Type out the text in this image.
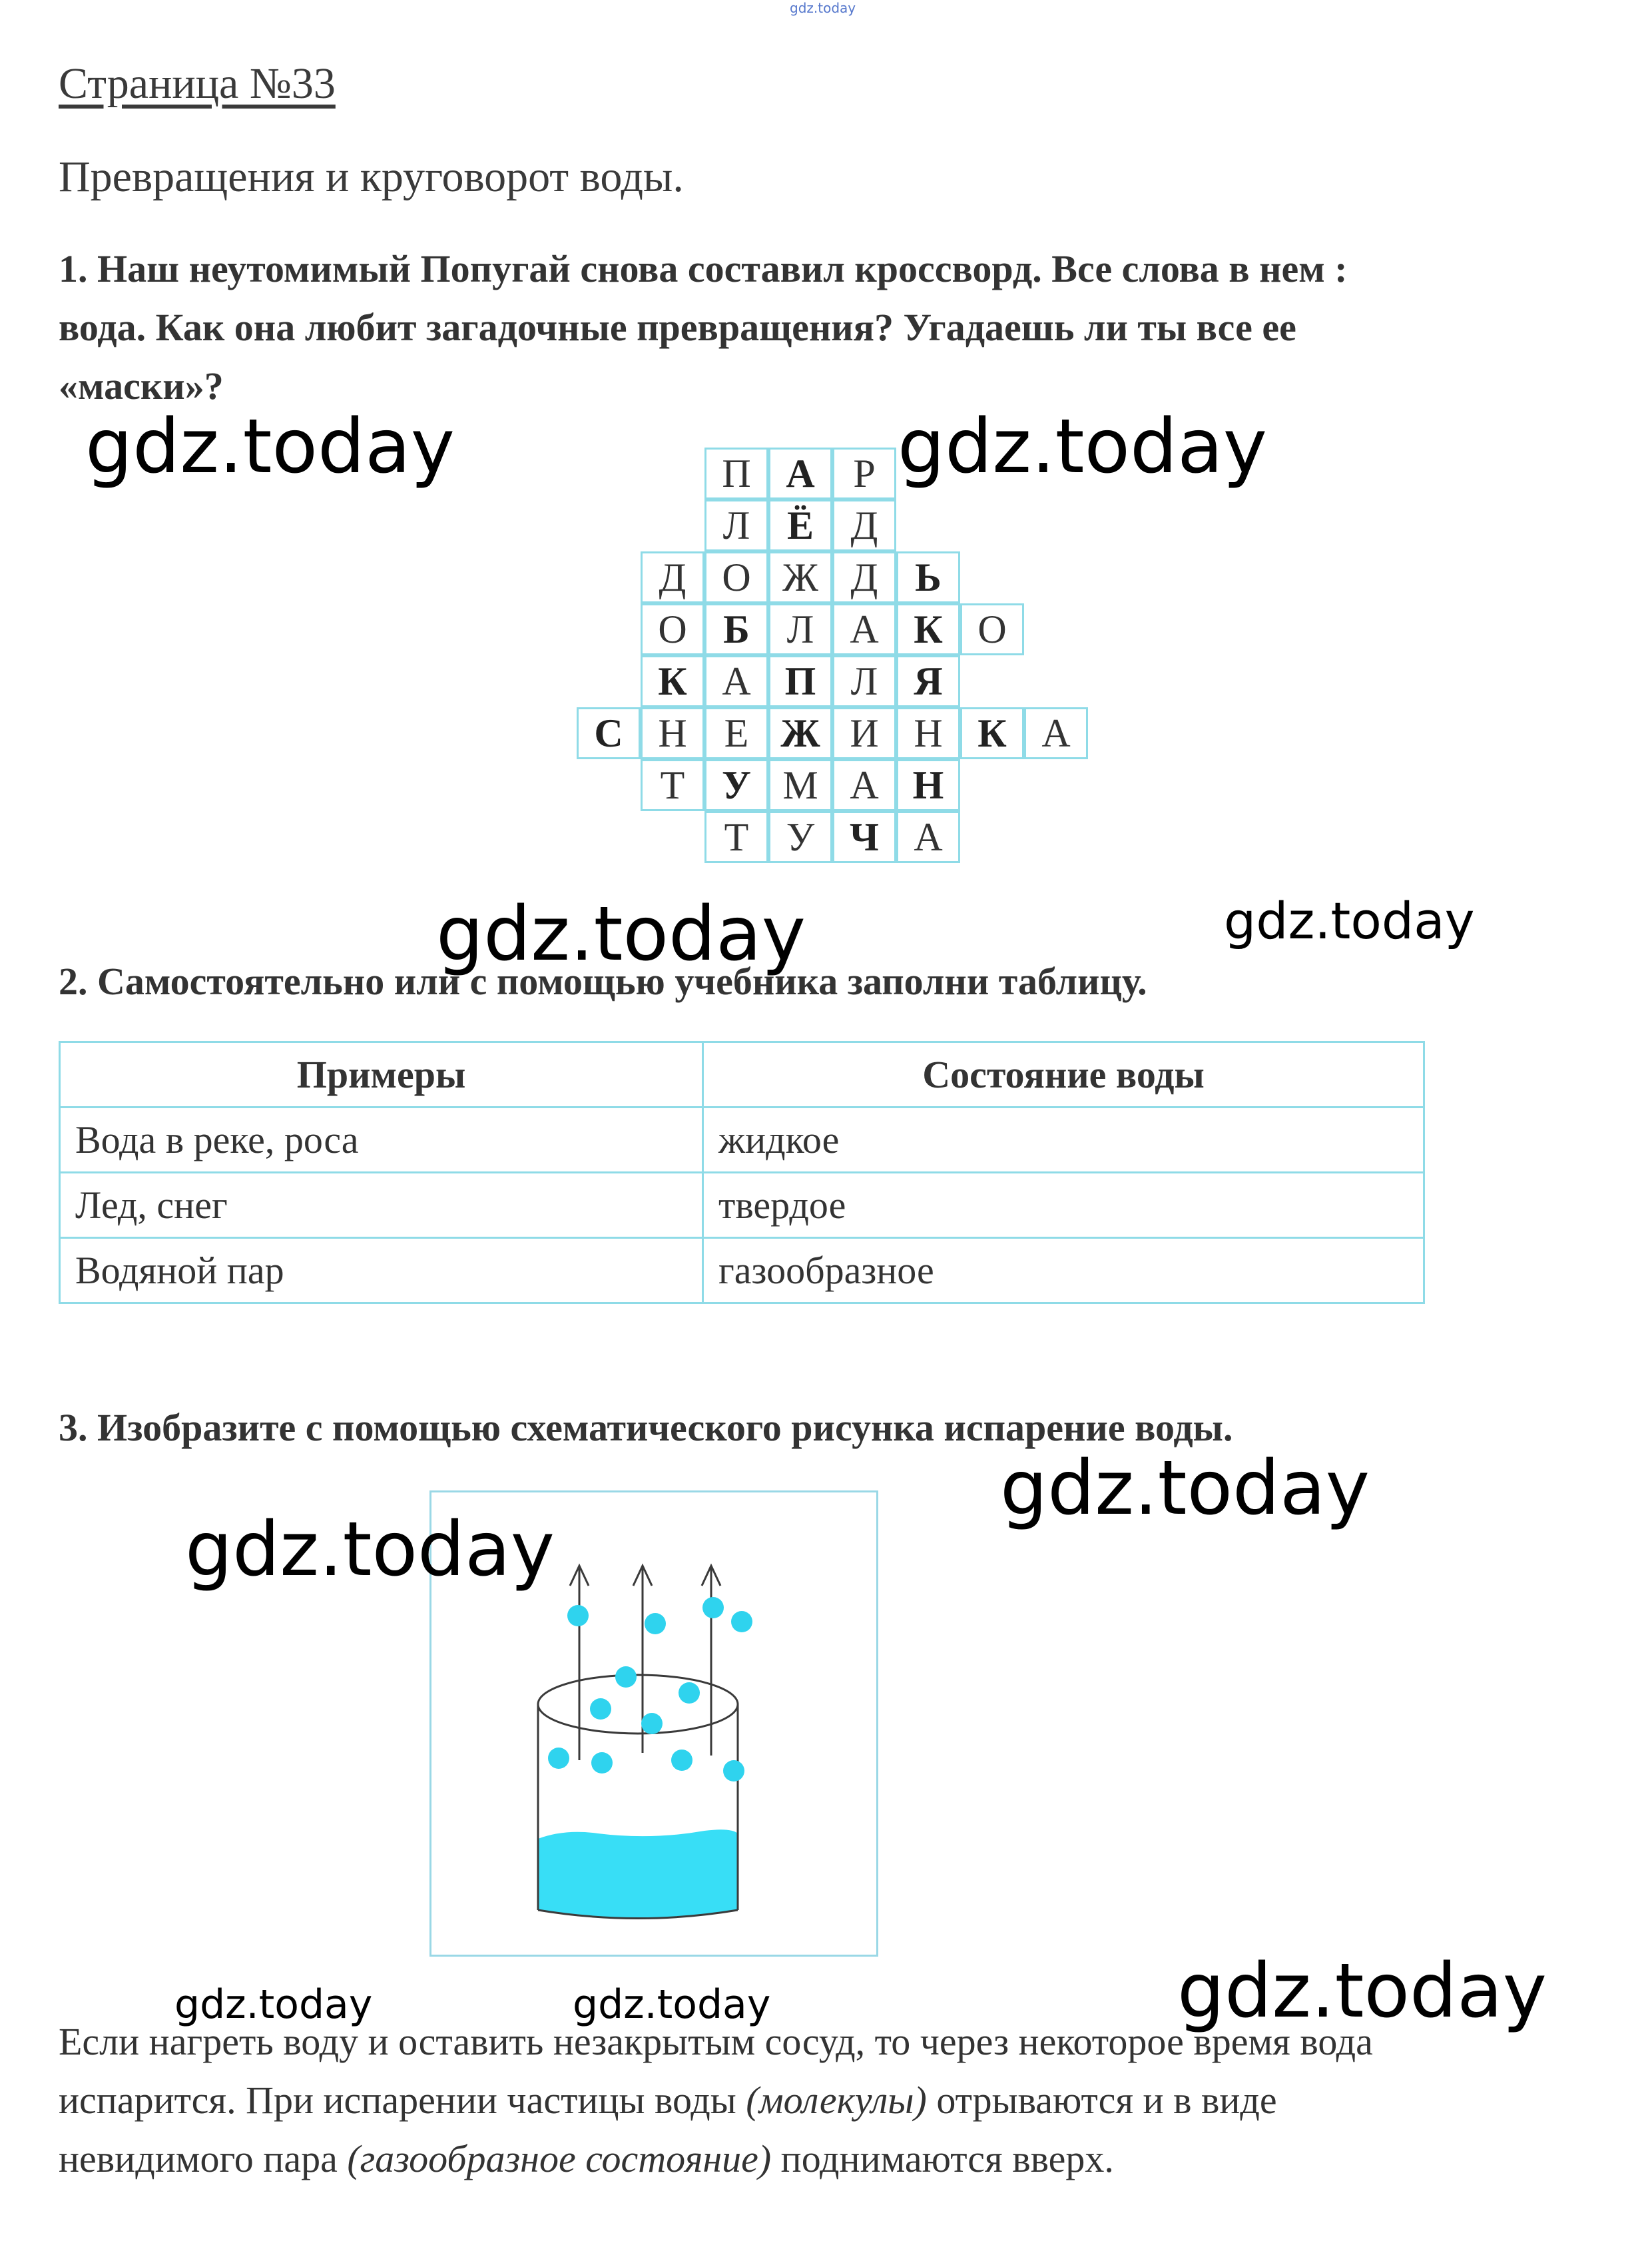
gdz.today
Страница №33
Превращения и круговорот воды.
1. Наш неутомимый Попугай снова составил кроссворд. Все слова в нем :
вода. Как она любит загадочные превращения? Угадаешь ли ты все ее
«маски»?
gdz.today	gdz.today
П А Р
Л Ё Д
Д О Ж Д Ь
О Б Л А К О
К А П Л Я
С Н Е Ж И Н К А
Т У М А Н
Т У Ч А
gdz.today	gdz.today
2. Самостоятельно или с помощью учебника заполни таблицу.
Примеры	Состояние воды
Вода в реке, роса	жидкое
Лед, снег	твердое
Водяной пар	газообразное
3. Изобразите с помощью схематического рисунка испарение воды.
gdz.today
gdz.today
gdz.today	gdz.today	gdz.today
Если нагреть воду и оставить незакрытым сосуд, то через некоторое время вода
испарится. При испарении частицы воды (молекулы) отрываются и в виде
невидимого пара (газообразное состояние) поднимаются вверх.
